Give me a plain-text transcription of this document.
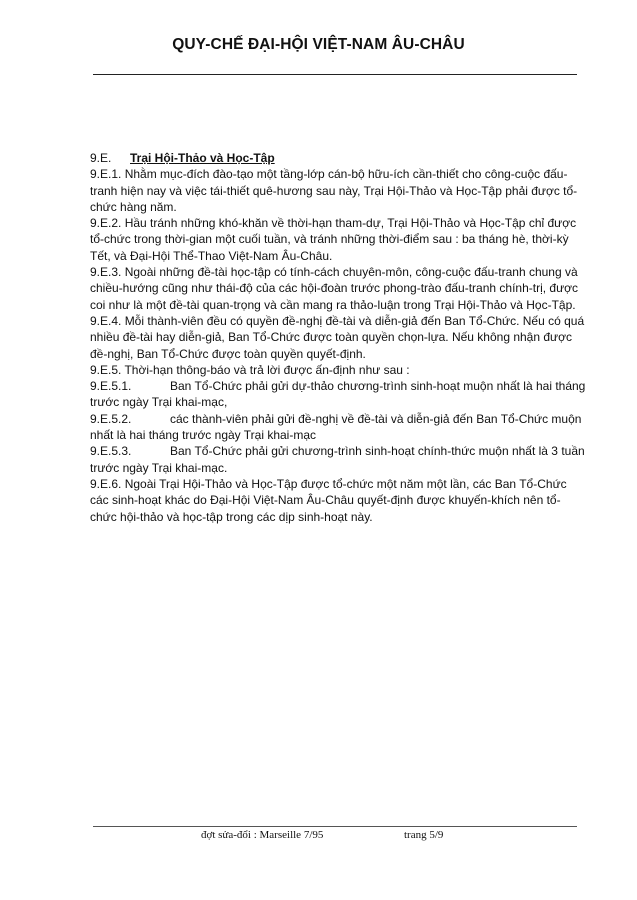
QUY-CHẾ ĐẠI-HỘI VIỆT-NAM ÂU-CHÂU
9.E. Trại Hội-Thảo và Học-Tập
9.E.1. Nhằm mục-đích đào-tạo một tầng-lớp cán-bộ hữu-ích cần-thiết cho công-cuộc đấu-tranh hiện nay và việc tái-thiết quê-hương sau này, Trại Hội-Thảo và Học-Tập phải được tổ-chức hàng năm.
9.E.2. Hầu tránh những khó-khăn về thời-hạn tham-dự, Trại Hội-Thảo và Học-Tập chỉ được tổ-chức trong thời-gian một cuối tuần, và tránh những thời-điểm sau : ba tháng hè, thời-kỳ Tết, và Đại-Hội Thể-Thao Việt-Nam Âu-Châu.
9.E.3. Ngoài những đề-tài học-tập có tính-cách chuyên-môn, công-cuộc đấu-tranh chung và chiều-hướng cũng như thái-độ của các hội-đoàn trước phong-trào đấu-tranh chính-trị, được coi như là một đề-tài quan-trọng và cần mang ra thảo-luận trong Trại Hội-Thảo và Học-Tập.
9.E.4. Mỗi thành-viên đều có quyền đề-nghị đề-tài và diễn-giả đến Ban Tổ-Chức. Nếu có quá nhiều đề-tài hay diễn-giả, Ban Tổ-Chức được toàn quyền chọn-lựa. Nếu không nhận được đề-nghị, Ban Tổ-Chức được toàn quyền quyết-định.
9.E.5. Thời-hạn thông-báo và trả lời được ấn-định như sau :
9.E.5.1.	Ban Tổ-Chức phải gửi dự-thảo chương-trình sinh-hoạt muộn nhất là hai tháng trước ngày Trại khai-mạc,
9.E.5.2.	các thành-viên phải gửi đề-nghị về đề-tài và diễn-giả đến Ban Tổ-Chức muộn nhất là hai tháng trước ngày Trại khai-mạc
9.E.5.3.	Ban Tổ-Chức phải gửi chương-trình sinh-hoạt chính-thức muộn nhất là 3 tuần trước ngày Trại khai-mạc.
9.E.6. Ngoài Trại Hội-Thảo và Học-Tập được tổ-chức một năm một lần, các Ban Tổ-Chức các sinh-hoạt khác do Đại-Hội Việt-Nam Âu-Châu quyết-định được khuyến-khích nên tổ-chức hội-thảo và học-tập trong các dịp sinh-hoạt này.
đợt sửa-đổi : Marseille 7/95	trang 5/9
